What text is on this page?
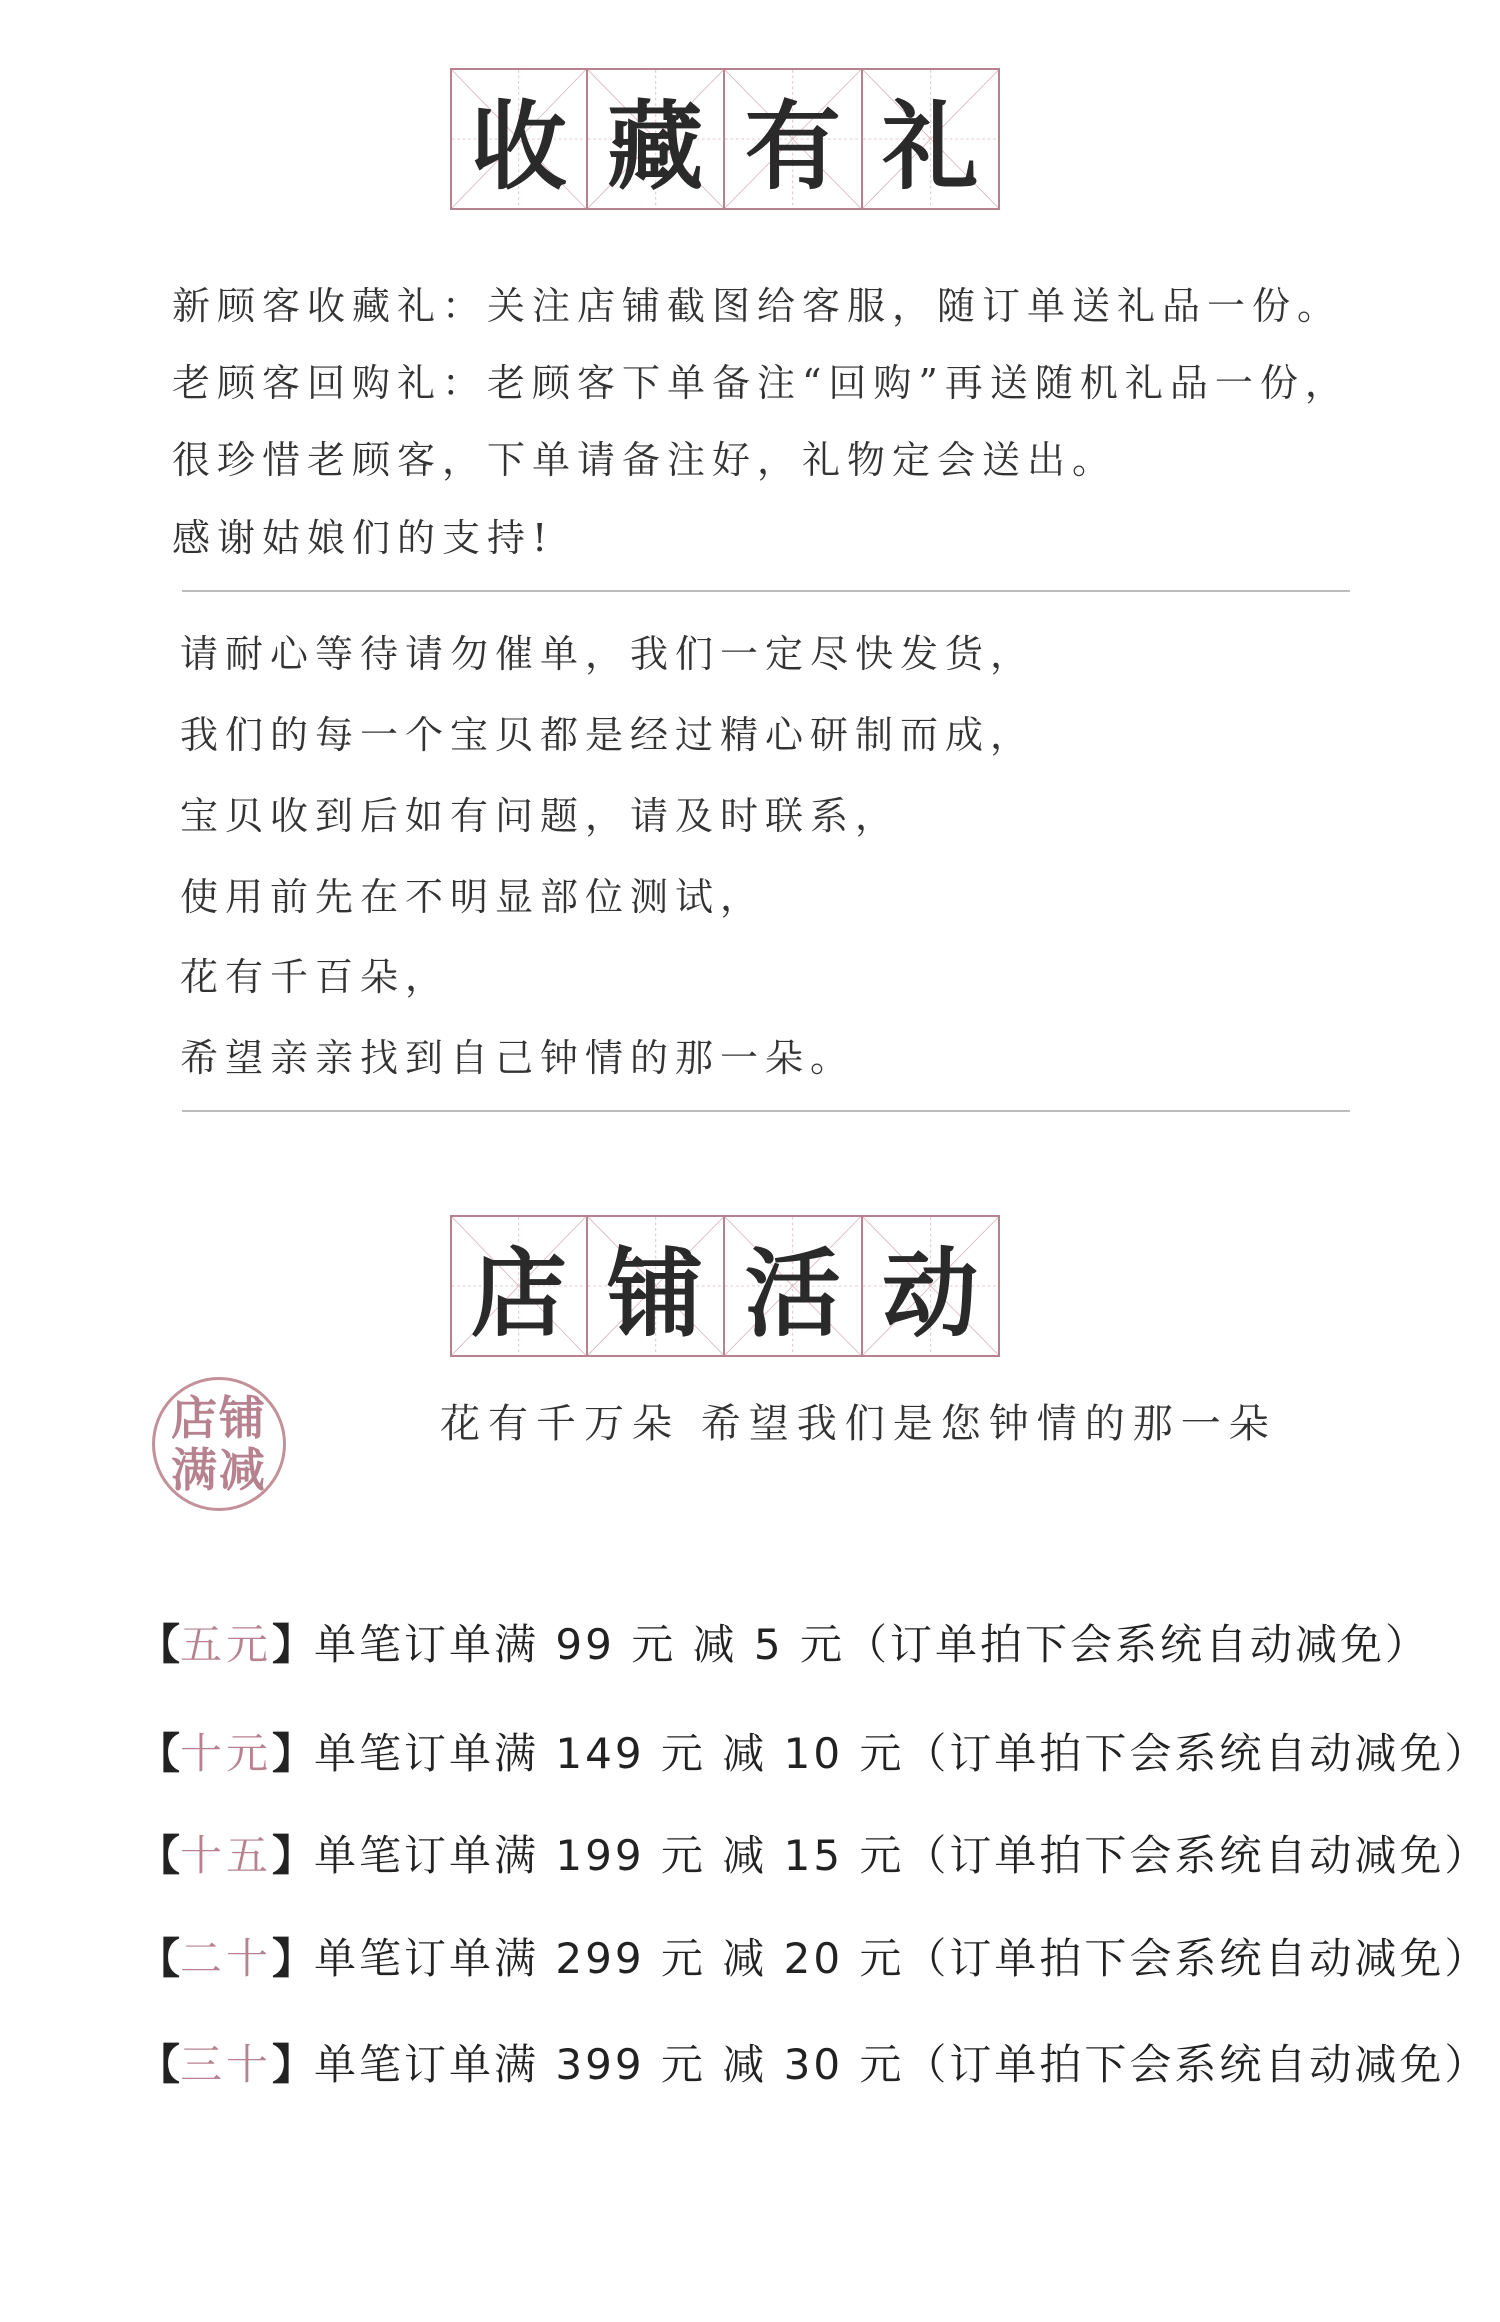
收 藏 有 礼
新顾客收藏礼：关注店铺截图给客服，随订单送礼品一份。
老顾客回购礼：老顾客下单备注“回购”再送随机礼品一份，
很珍惜老顾客，下单请备注好，礼物定会送出。
感谢姑娘们的支持!
请耐心等待请勿催单，我们一定尽快发货，
我们的每一个宝贝都是经过精心研制而成，
宝贝收到后如有问题，请及时联系，
使用前先在不明显部位测试，
花有千百朵，
希望亲亲找到自己钟情的那一朵。
店 铺 活 动
店铺满减
花有千万朵 希望我们是您钟情的那一朵
【五元】单笔订单满 99 元 减 5 元（订单拍下会系统自动减免）
【十元】单笔订单满 149 元 减 10 元（订单拍下会系统自动减免）
【十五】单笔订单满 199 元 减 15 元（订单拍下会系统自动减免）
【二十】单笔订单满 299 元 减 20 元（订单拍下会系统自动减免）
【三十】单笔订单满 399 元 减 30 元（订单拍下会系统自动减免）
